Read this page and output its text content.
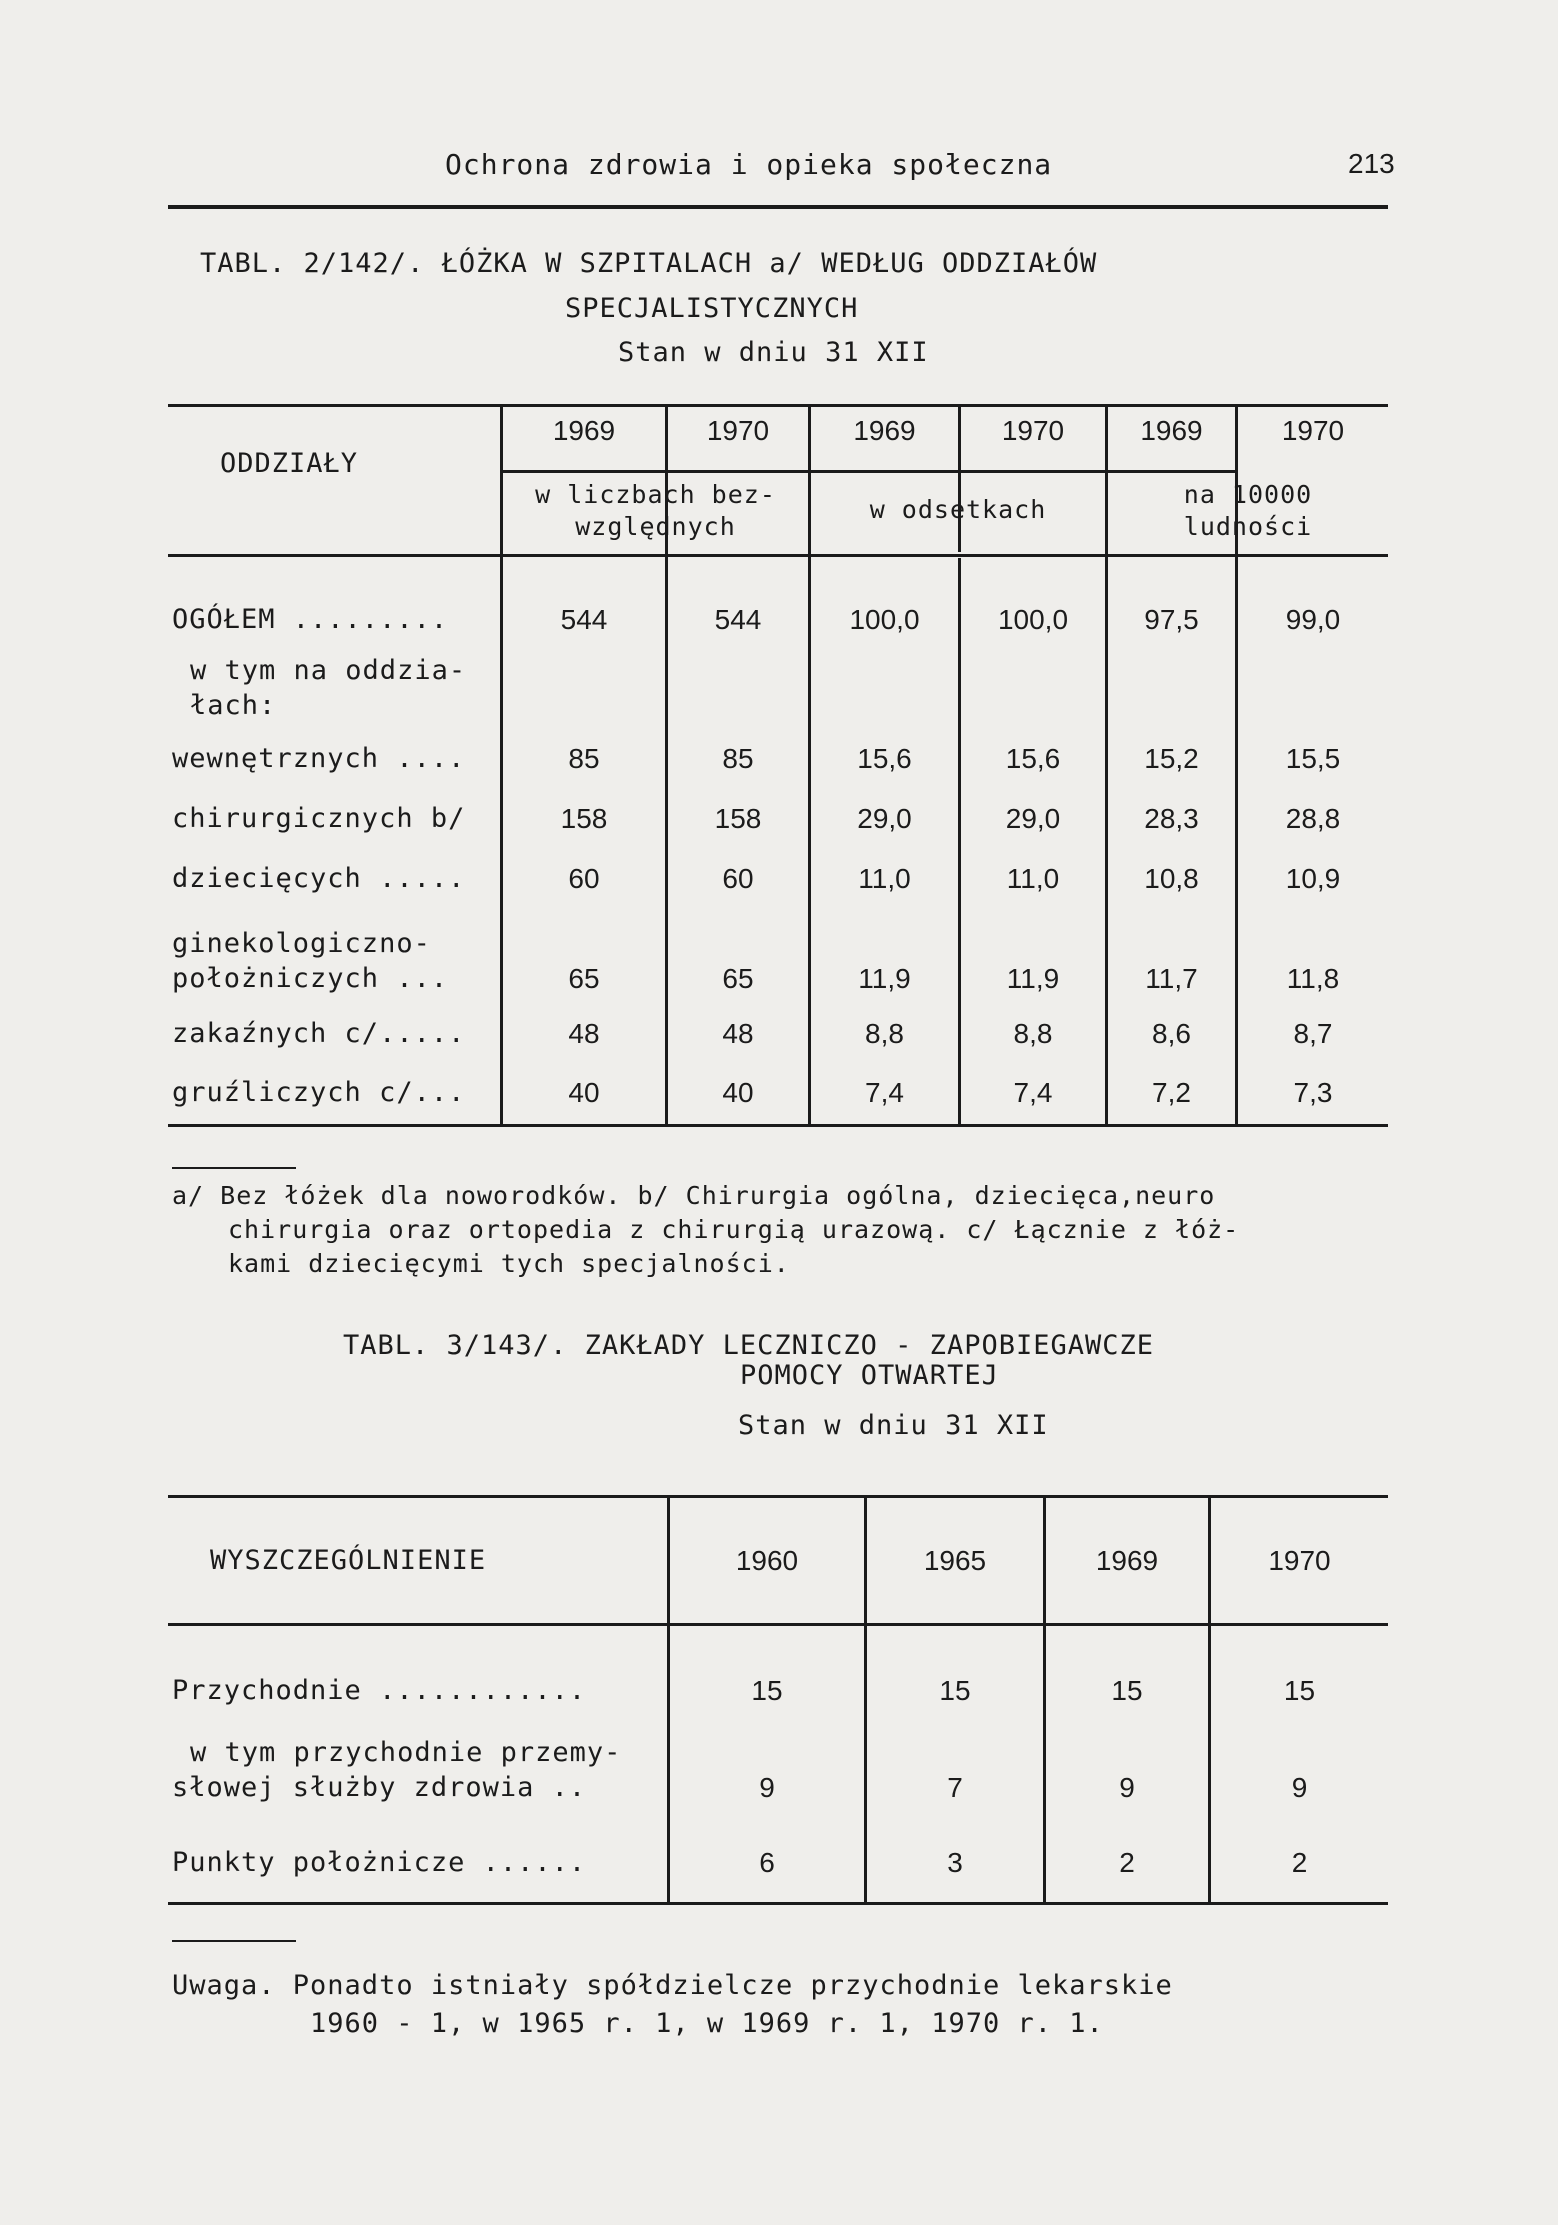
Ochrona zdrowia i opieka społeczna	213
TABL. 2/142/. ŁÓŻKA W SZPITALACH a/ WEDŁUG ODDZIAŁÓW
SPECJALISTYCZNYCH
Stan w dniu 31 XII
ODDZIAŁY
1969	1970	1969	1970	1969	1970
w liczbach bez-
względnych
w odsetkach
na 10000
ludności
OGÓŁEM .........	544	544	100,0	100,0	97,5	99,0
w tym na oddzia-
łach:
wewnętrznych ....	85	85	15,6	15,6	15,2	15,5
chirurgicznych b/	158	158	29,0	29,0	28,3	28,8
dziecięcych .....	60	60	11,0	11,0	10,8	10,9
ginekologiczno-
położniczych ...	65	65	11,9	11,9	11,7	11,8
zakaźnych c/.....	48	48	8,8	8,8	8,6	8,7
gruźliczych c/...	40	40	7,4	7,4	7,2	7,3
a/ Bez łóżek dla noworodków. b/ Chirurgia ogólna, dziecięca,neuro
chirurgia oraz ortopedia z chirurgią urazową. c/ Łącznie z łóż-
kami dziecięcymi tych specjalności.
TABL. 3/143/. ZAKŁADY LECZNICZO - ZAPOBIEGAWCZE
POMOCY OTWARTEJ
Stan w dniu 31 XII
WYSZCZEGÓLNIENIE	1960	1965	1969	1970
Przychodnie ............	15	15	15	15
w tym przychodnie przemy-
słowej służby zdrowia ..	9	7	9	9
Punkty położnicze ......	6	3	2	2
Uwaga. Ponadto istniały spółdzielcze przychodnie lekarskie
1960 - 1, w 1965 r. 1, w 1969 r. 1, 1970 r. 1.
